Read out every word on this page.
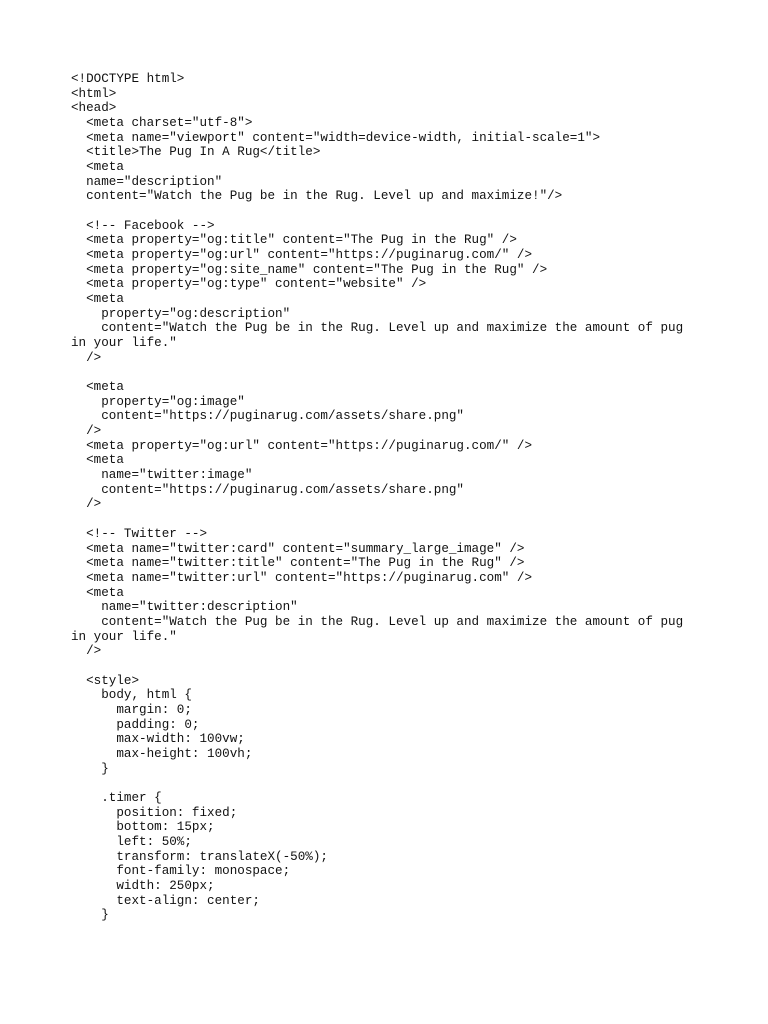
<!DOCTYPE html>
<html>
<head>
<meta charset="utf-8">
<meta name="viewport" content="width=device-width, initial-scale=1">
<title>The Pug In A Rug</title>
<meta
name="description"
content="Watch the Pug be in the Rug. Level up and maximize!"/>
<!-- Facebook -->
<meta property="og:title" content="The Pug in the Rug" />
<meta property="og:url" content="https://puginarug.com/" />
<meta property="og:site_name" content="The Pug in the Rug" />
<meta property="og:type" content="website" />
<meta
property="og:description"
content="Watch the Pug be in the Rug. Level up and maximize the amount of pug
in your life."
/>
<meta
property="og:image"
content="https://puginarug.com/assets/share.png"
/>
<meta property="og:url" content="https://puginarug.com/" />
<meta
name="twitter:image"
content="https://puginarug.com/assets/share.png"
/>
<!-- Twitter -->
<meta name="twitter:card" content="summary_large_image" />
<meta name="twitter:title" content="The Pug in the Rug" />
<meta name="twitter:url" content="https://puginarug.com" />
<meta
name="twitter:description"
content="Watch the Pug be in the Rug. Level up and maximize the amount of pug
in your life."
/>
<style>
body, html {
margin: 0;
padding: 0;
max-width: 100vw;
max-height: 100vh;
}
.timer {
position: fixed;
bottom: 15px;
left: 50%;
transform: translateX(-50%);
font-family: monospace;
width: 250px;
text-align: center;
}
